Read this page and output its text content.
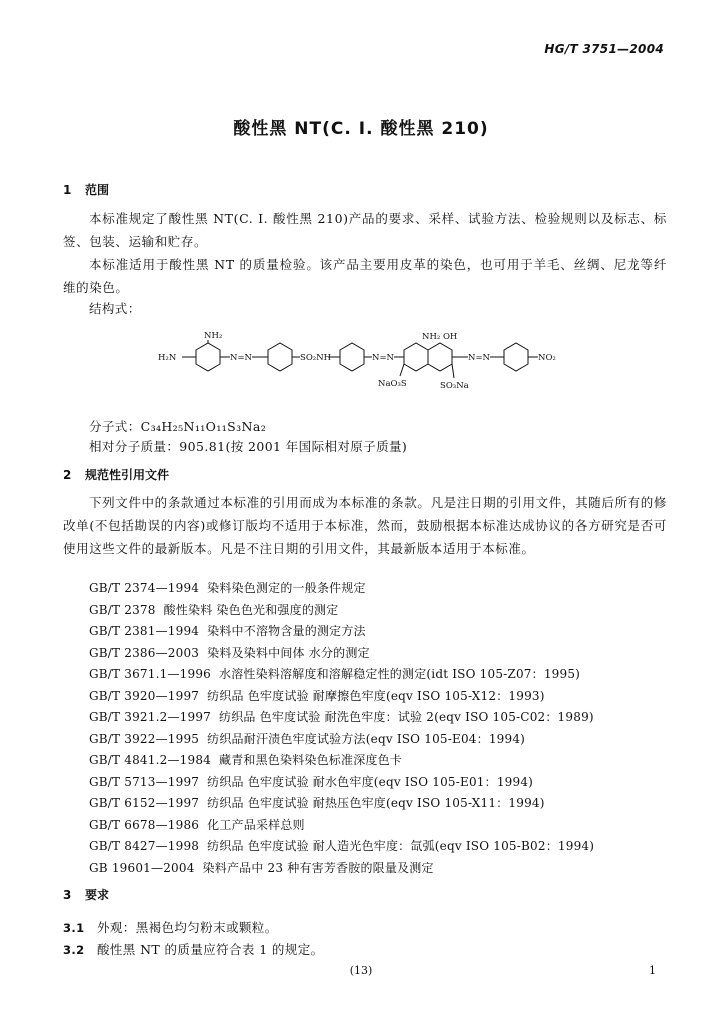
HG/T 3751—2004
酸性黑 NT(C. I. 酸性黑 210)
1 范围
本标准规定了酸性黑 NT(C. I. 酸性黑 210)产品的要求、采样、试验方法、检验规则以及标志、标签、包装、运输和贮存。
本标准适用于酸性黑 NT 的质量检验。该产品主要用皮革的染色，也可用于羊毛、丝绸、尼龙等纤维的染色。
结构式：
NH₂
H₂N	N=N	SO₂NH	N=N
NH₂ OH
NaO₃S	SO₃Na
N=N	NO₂
分子式：C₃₄H₂₅N₁₁O₁₁S₃Na₂
相对分子质量：905.81(按 2001 年国际相对原子质量)
2 规范性引用文件
下列文件中的条款通过本标准的引用而成为本标准的条款。凡是注日期的引用文件，其随后所有的修改单(不包括勘误的内容)或修订版均不适用于本标准，然而，鼓励根据本标准达成协议的各方研究是否可使用这些文件的最新版本。凡是不注日期的引用文件，其最新版本适用于本标准。
GB/T 2374—1994 染料染色测定的一般条件规定
GB/T 2378 酸性染料 染色色光和强度的测定
GB/T 2381—1994 染料中不溶物含量的测定方法
GB/T 2386—2003 染料及染料中间体 水分的测定
GB/T 3671.1—1996 水溶性染料溶解度和溶解稳定性的测定(idt ISO 105-Z07：1995)
GB/T 3920—1997 纺织品 色牢度试验 耐摩擦色牢度(eqv ISO 105-X12：1993)
GB/T 3921.2—1997 纺织品 色牢度试验 耐洗色牢度：试验 2(eqv ISO 105-C02：1989)
GB/T 3922—1995 纺织品耐汗渍色牢度试验方法(eqv ISO 105-E04：1994)
GB/T 4841.2—1984 藏青和黑色染料染色标准深度色卡
GB/T 5713—1997 纺织品 色牢度试验 耐水色牢度(eqv ISO 105-E01：1994)
GB/T 6152—1997 纺织品 色牢度试验 耐热压色牢度(eqv ISO 105-X11：1994)
GB/T 6678—1986 化工产品采样总则
GB/T 8427—1998 纺织品 色牢度试验 耐人造光色牢度：氙弧(eqv ISO 105-B02：1994)
GB 19601—2004 染料产品中 23 种有害芳香胺的限量及测定
3 要求
3.1 外观：黑褐色均匀粉末或颗粒。
3.2 酸性黑 NT 的质量应符合表 1 的规定。
(13)	1
